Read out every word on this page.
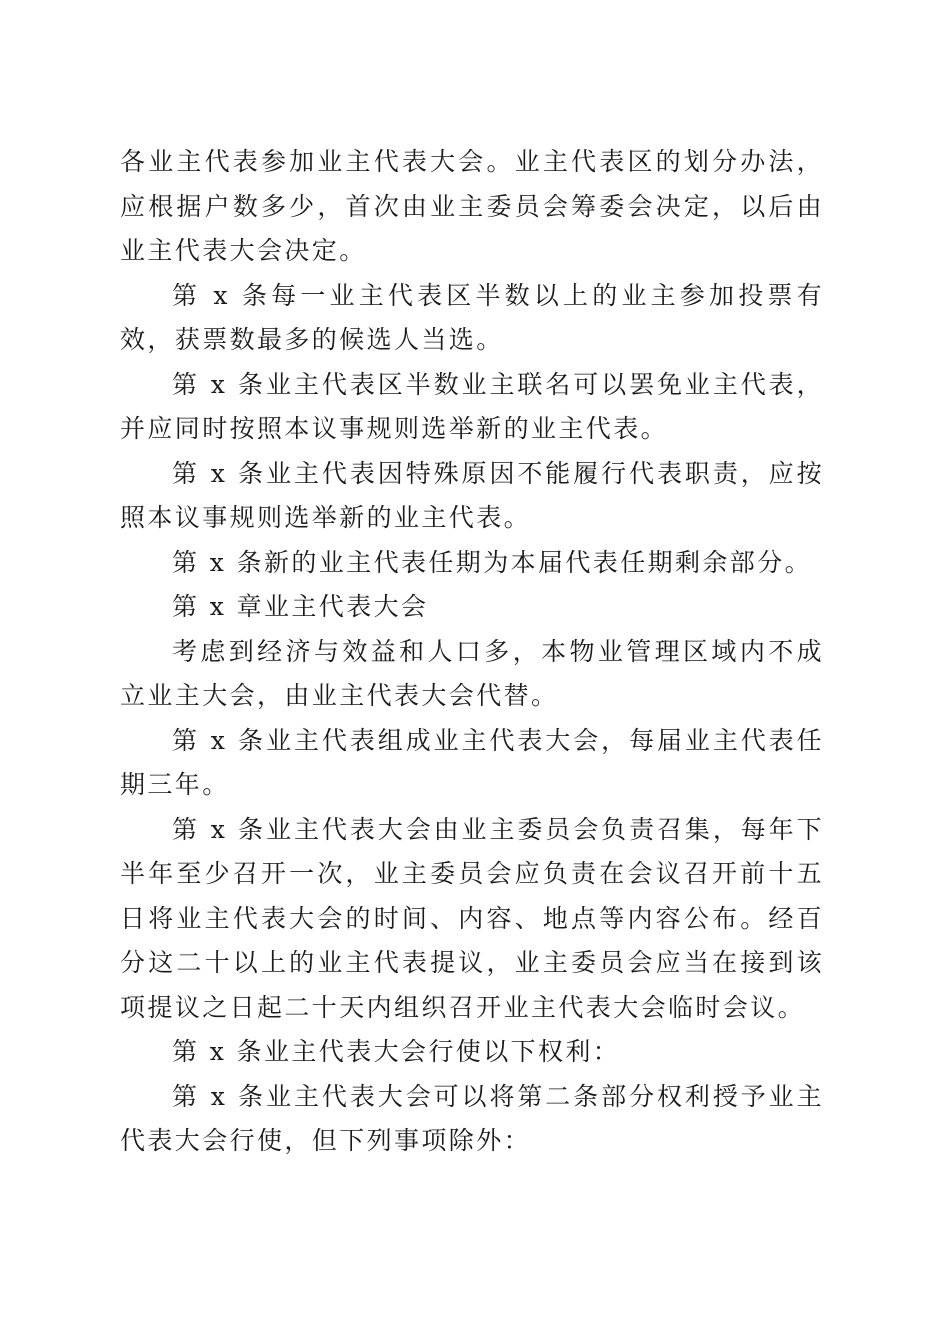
各业主代表参加业主代表大会。业主代表区的划分办法，应根据户数多少，首次由业主委员会筹委会决定，以后由业主代表大会决定。

第 x 条每一业主代表区半数以上的业主参加投票有效，获票数最多的候选人当选。

第 x 条业主代表区半数业主联名可以罢免业主代表，并应同时按照本议事规则选举新的业主代表。

第 x 条业主代表因特殊原因不能履行代表职责，应按照本议事规则选举新的业主代表。

第 x 条新的业主代表任期为本届代表任期剩余部分。

第 x 章业主代表大会

考虑到经济与效益和人口多，本物业管理区域内不成立业主大会，由业主代表大会代替。

第 x 条业主代表组成业主代表大会，每届业主代表任期三年。

第 x 条业主代表大会由业主委员会负责召集，每年下半年至少召开一次，业主委员会应负责在会议召开前十五日将业主代表大会的时间、内容、地点等内容公布。经百分这二十以上的业主代表提议，业主委员会应当在接到该项提议之日起二十天内组织召开业主代表大会临时会议。

第 x 条业主代表大会行使以下权利：

第 x 条业主代表大会可以将第二条部分权利授予业主代表大会行使，但下列事项除外：
